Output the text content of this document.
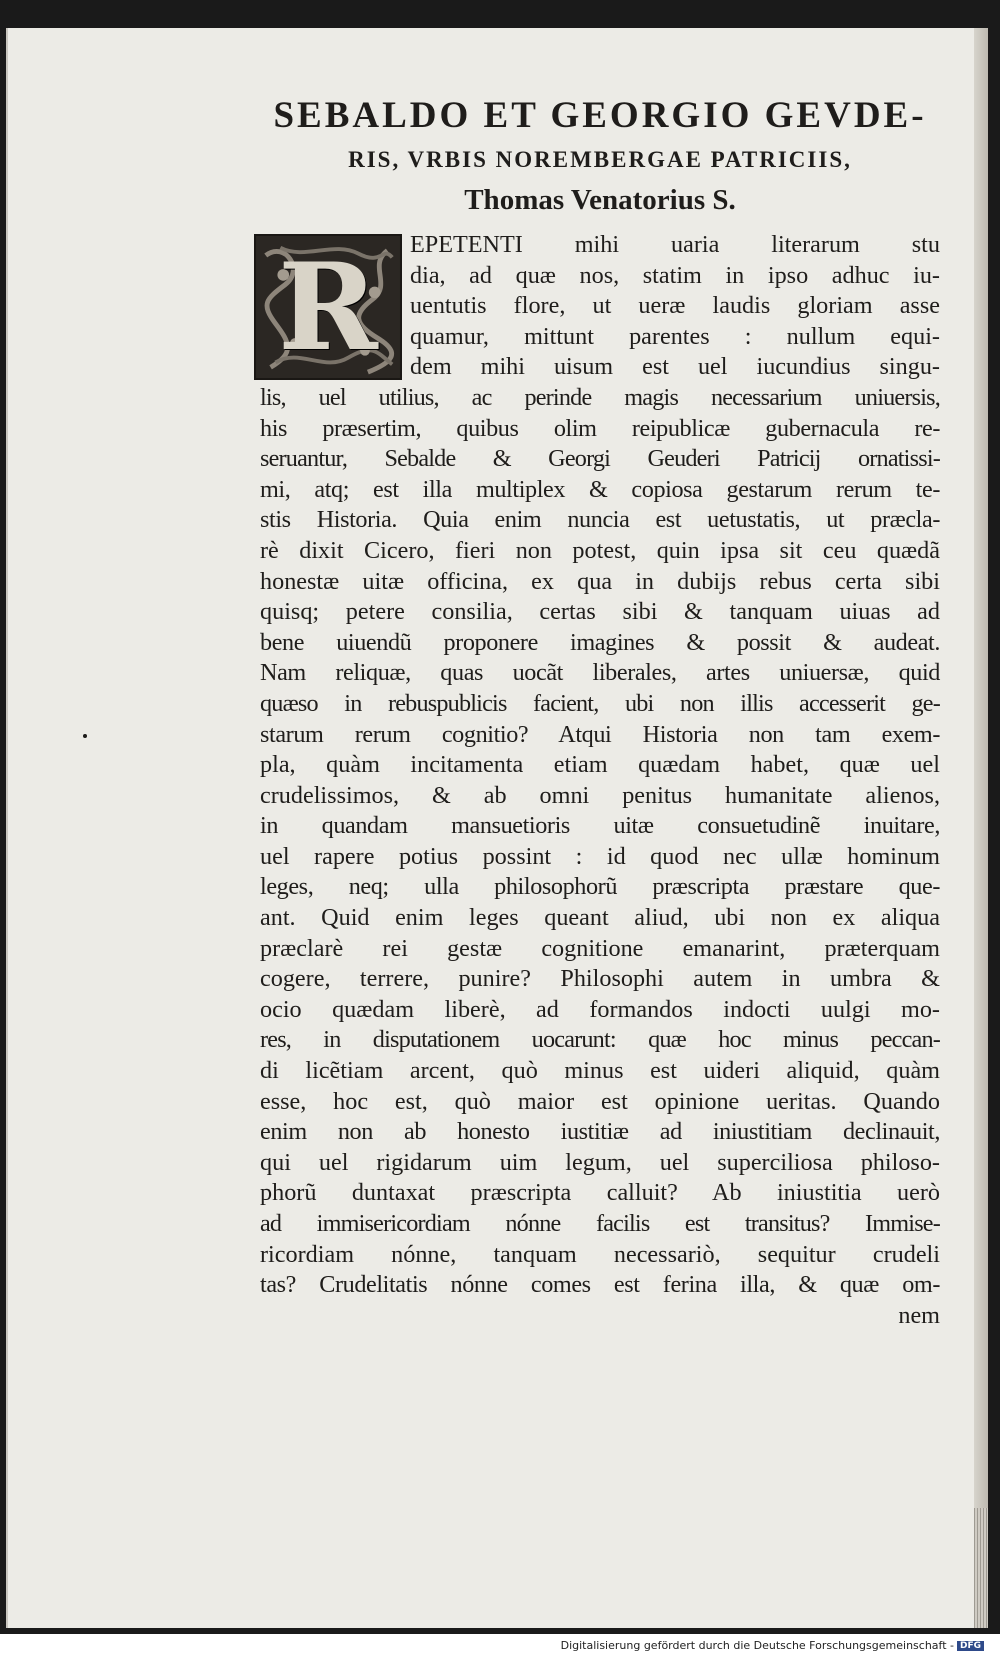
SEBALDO ET GEORGIO GEVDE-
RIS, VRBIS NOREMBERGAE PATRICIIS,
Thomas Venatorius S.
R	EPETENTI mihi uaria literarum stu
dia, ad quæ nos, statim in ipso adhuc iu-
uentutis flore, ut ueræ laudis gloriam asse
quamur, mittunt parentes : nullum equi-
dem mihi uisum est uel iucundius singu-
lis, uel utilius, ac perinde magis necessarium uniuersis,
his præsertim, quibus olim reipublicæ gubernacula re-
seruantur, Sebalde & Georgi Geuderi Patricij ornatissi-
mi, atq; est illa multiplex & copiosa gestarum rerum te-
stis Historia. Quia enim nuncia est uetustatis, ut præcla-
rè dixit Cicero, fieri non potest, quin ipsa sit ceu quædã
honestæ uitæ officina, ex qua in dubijs rebus certa sibi
quisq; petere consilia, certas sibi & tanquam uiuas ad
bene uiuendũ proponere imagines & possit & audeat.
Nam reliquæ, quas uocãt liberales, artes uniuersæ, quid
quæso in rebuspublicis facient, ubi non illis accesserit ge-
starum rerum cognitio? Atqui Historia non tam exem-
pla, quàm incitamenta etiam quædam habet, quæ uel
crudelissimos, & ab omni penitus humanitate alienos,
in quandam mansuetioris uitæ consuetudinẽ inuitare,
uel rapere potius possint : id quod nec ullæ hominum
leges, neq; ulla philosophorũ præscripta præstare que-
ant. Quid enim leges queant aliud, ubi non ex aliqua
præclarè rei gestæ cognitione emanarint, præterquam
cogere, terrere, punire? Philosophi autem in umbra &
ocio quædam liberè, ad formandos indocti uulgi mo-
res, in disputationem uocarunt: quæ hoc minus peccan-
di licẽtiam arcent, quò minus est uideri aliquid, quàm
esse, hoc est, quò maior est opinione ueritas. Quando
enim non ab honesto iustitiæ ad iniustitiam declinauit,
qui uel rigidarum uim legum, uel superciliosa philoso-
phorũ duntaxat præscripta calluit? Ab iniustitia uerò
ad immisericordiam nónne facilis est transitus? Immise-
ricordiam nónne, tanquam necessariò, sequitur crudeli
tas? Crudelitatis nónne comes est ferina illa, & quæ om-
nem
Digitalisierung gefördert durch die Deutsche Forschungsgemeinschaft - DFG
